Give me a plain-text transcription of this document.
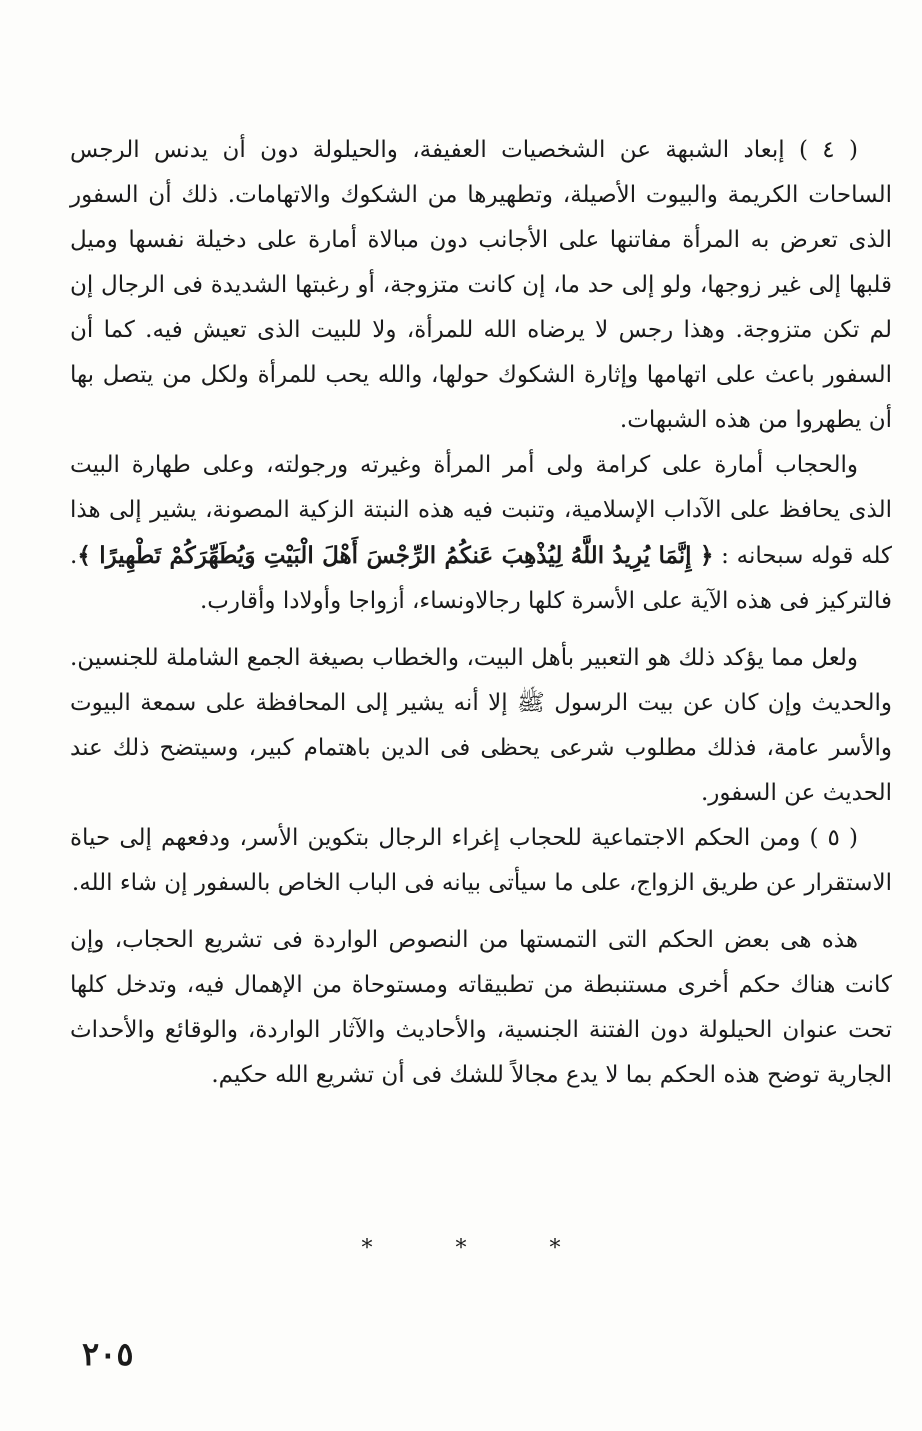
( ٤ ) إبعاد الشبهة عن الشخصيات العفيفة، والحيلولة دون أن يدنس الرجس الساحات الكريمة والبيوت الأصيلة، وتطهيرها من الشكوك والاتهامات. ذلك أن السفور الذى تعرض به المرأة مفاتنها على الأجانب دون مبالاة أمارة على دخيلة نفسها وميل قلبها إلى غير زوجها، ولو إلى حد ما، إن كانت متزوجة، أو رغبتها الشديدة فى الرجال إن لم تكن متزوجة. وهذا رجس لا يرضاه الله للمرأة، ولا للبيت الذى تعيش فيه. كما أن السفور باعث على اتهامها وإثارة الشكوك حولها، والله يحب للمرأة ولكل من يتصل بها أن يطهروا من هذه الشبهات.

والحجاب أمارة على كرامة ولى أمر المرأة وغيرته ورجولته، وعلى طهارة البيت الذى يحافظ على الآداب الإسلامية، وتنبت فيه هذه النبتة الزكية المصونة، يشير إلى هذا كله قوله سبحانه : ﴿ إِنَّمَا يُرِيدُ اللَّهُ لِيُذْهِبَ عَنكُمُ الرِّجْسَ أَهْلَ الْبَيْتِ وَيُطَهِّرَكُمْ تَطْهِيرًا ﴾. فالتركيز فى هذه الآية على الأسرة كلها رجالاونساء، أزواجا وأولادا وأقارب.

ولعل مما يؤكد ذلك هو التعبير بأهل البيت، والخطاب بصيغة الجمع الشاملة للجنسين. والحديث وإن كان عن بيت الرسول ﷺ إلا أنه يشير إلى المحافظة على سمعة البيوت والأسر عامة، فذلك مطلوب شرعى يحظى فى الدين باهتمام كبير، وسيتضح ذلك عند الحديث عن السفور.

( ٥ ) ومن الحكم الاجتماعية للحجاب إغراء الرجال بتكوين الأسر، ودفعهم إلى حياة الاستقرار عن طريق الزواج، على ما سيأتى بيانه فى الباب الخاص بالسفور إن شاء الله.

هذه هى بعض الحكم التى التمستها من النصوص الواردة فى تشريع الحجاب، وإن كانت هناك حكم أخرى مستنبطة من تطبيقاته ومستوحاة من الإهمال فيه، وتدخل كلها تحت عنوان الحيلولة دون الفتنة الجنسية، والأحاديث والآثار الواردة، والوقائع والأحداث الجارية توضح هذه الحكم بما لا يدع مجالاً للشك فى أن تشريع الله حكيم.

* * *
٢٠٥
